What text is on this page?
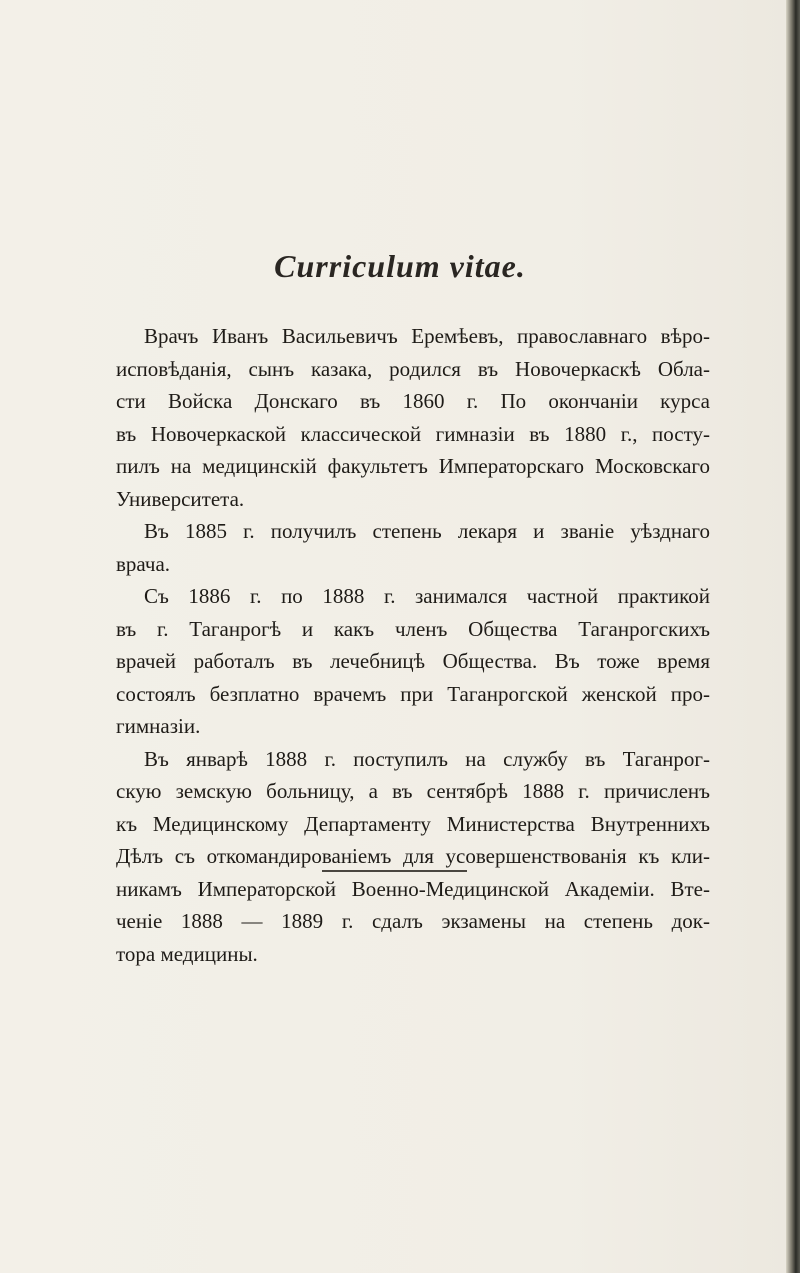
Curriculum vitae.
Врачъ Иванъ Васильевичъ Еремѣевъ, православнаго вѣро-
исповѣданія, сынъ казака, родился въ Новочеркаскѣ Обла-
сти Войска Донскаго въ 1860 г. По окончаніи курса
въ Новочеркаской классической гимназіи въ 1880 г., посту-
пилъ на медицинскій факультетъ Императорскаго Московскаго
Университета.
Въ 1885 г. получилъ степень лекаря и званіе уѣзднаго
врача.
Съ 1886 г. по 1888 г. занимался частной практикой
въ г. Таганрогѣ и какъ членъ Общества Таганрогскихъ
врачей работалъ въ лечебницѣ Общества. Въ тоже время
состоялъ безплатно врачемъ при Таганрогской женской про-
гимназіи.
Въ январѣ 1888 г. поступилъ на службу въ Таганрог-
скую земскую больницу, а въ сентябрѣ 1888 г. причисленъ
къ Медицинскому Департаменту Министерства Внутреннихъ
Дѣлъ съ откомандированіемъ для усовершенствованія къ кли-
никамъ Императорской Военно-Медицинской Академіи. Вте-
ченіе 1888 — 1889 г. сдалъ экзамены на степень док-
тора медицины.
